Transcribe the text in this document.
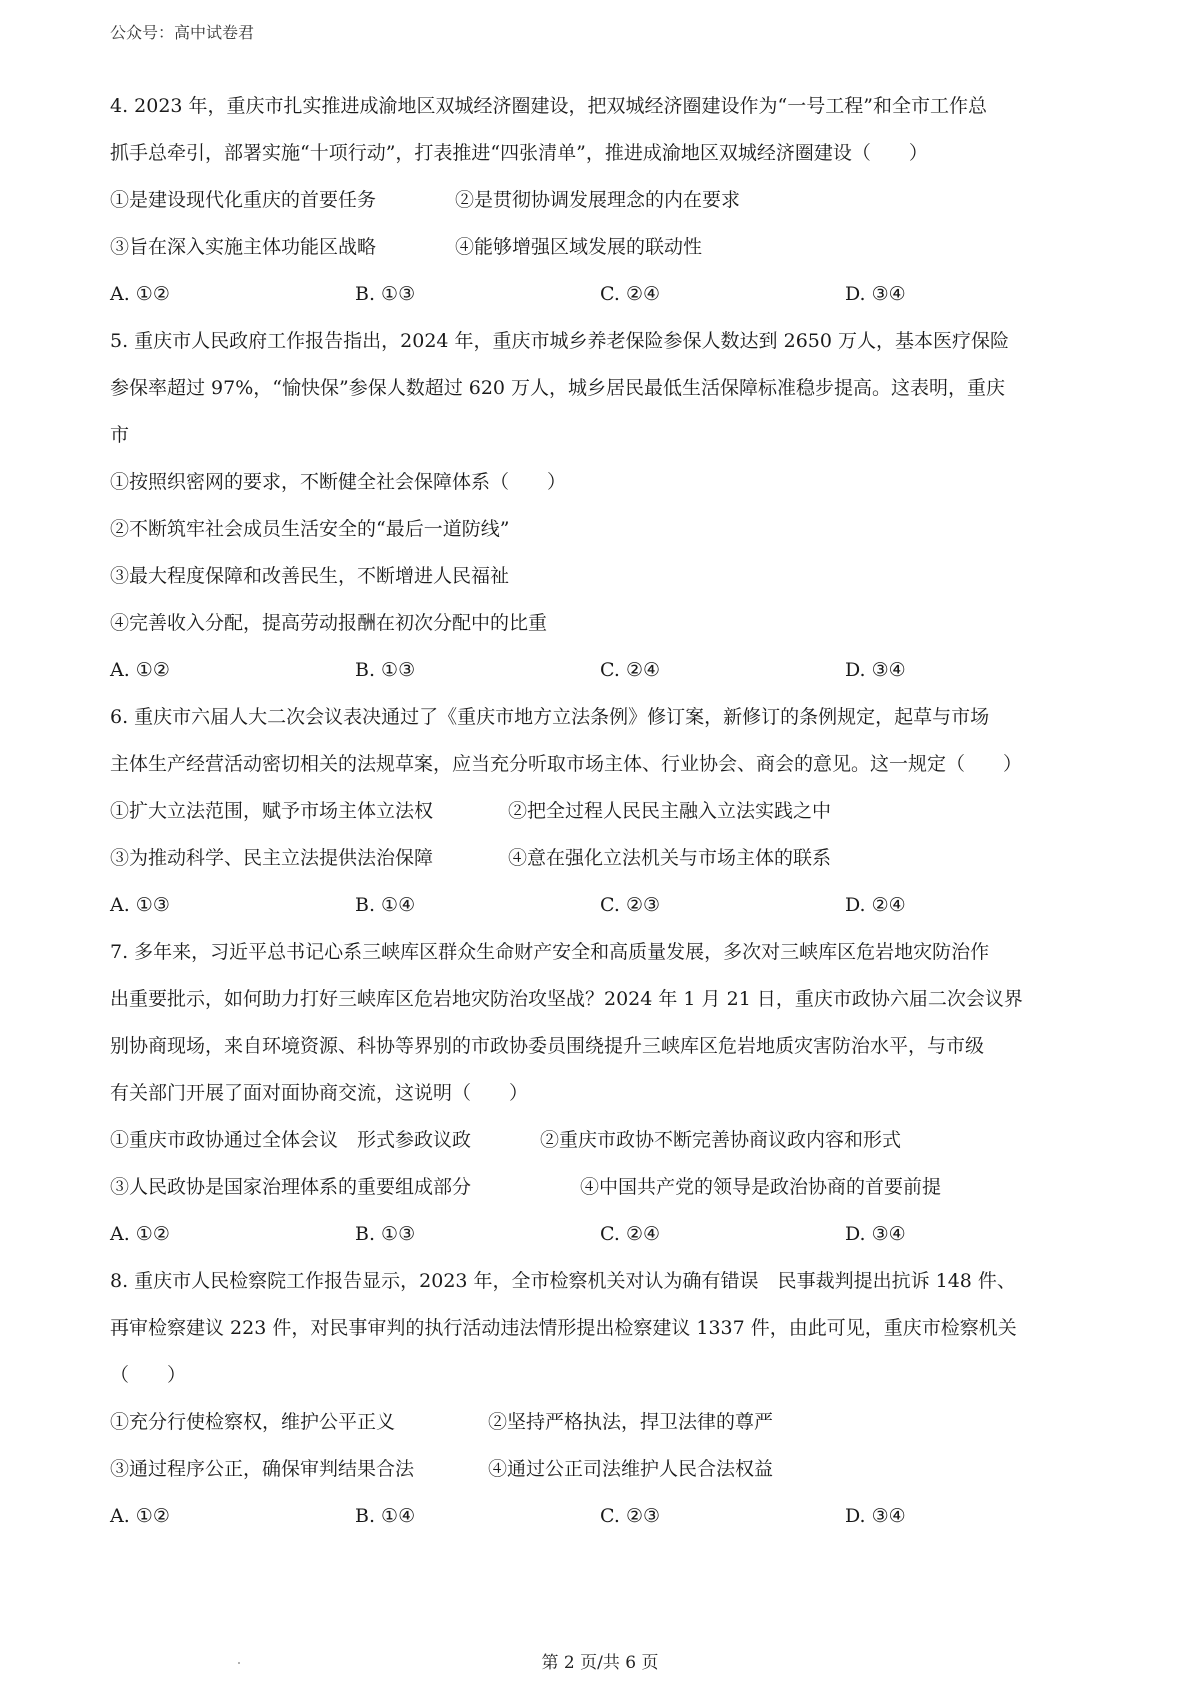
公众号：高中试卷君
4. 2023 年，重庆市扎实推进成渝地区双城经济圈建设，把双城经济圈建设作为“一号工程”和全市工作总
抓手总牵引，部署实施“十项行动”，打表推进“四张清单”，推进成渝地区双城经济圈建设（　　）
①是建设现代化重庆的首要任务	②是贯彻协调发展理念的内在要求
③旨在深入实施主体功能区战略	④能够增强区域发展的联动性
A. ①②	B. ①③	C. ②④	D. ③④
5. 重庆市人民政府工作报告指出，2024 年，重庆市城乡养老保险参保人数达到 2650 万人，基本医疗保险
参保率超过 97%，“愉快保”参保人数超过 620 万人，城乡居民最低生活保障标准稳步提高。这表明，重庆
市
①按照织密网的要求，不断健全社会保障体系（　　）
②不断筑牢社会成员生活安全的“最后一道防线”
③最大程度保障和改善民生，不断增进人民福祉
④完善收入分配，提高劳动报酬在初次分配中的比重
A. ①②	B. ①③	C. ②④	D. ③④
6. 重庆市六届人大二次会议表决通过了《重庆市地方立法条例》修订案，新修订的条例规定，起草与市场
主体生产经营活动密切相关的法规草案，应当充分听取市场主体、行业协会、商会的意见。这一规定（　　）
①扩大立法范围，赋予市场主体立法权	②把全过程人民民主融入立法实践之中
③为推动科学、民主立法提供法治保障	④意在强化立法机关与市场主体的联系
A. ①③	B. ①④	C. ②③	D. ②④
7. 多年来，习近平总书记心系三峡库区群众生命财产安全和高质量发展，多次对三峡库区危岩地灾防治作
出重要批示，如何助力打好三峡库区危岩地灾防治攻坚战？2024 年 1 月 21 日，重庆市政协六届二次会议界
别协商现场，来自环境资源、科协等界别的市政协委员围绕提升三峡库区危岩地质灾害防治水平，与市级
有关部门开展了面对面协商交流，这说明（　　）
①重庆市政协通过全体会议　形式参政议政	②重庆市政协不断完善协商议政内容和形式
③人民政协是国家治理体系的重要组成部分	④中国共产党的领导是政治协商的首要前提
A. ①②	B. ①③	C. ②④	D. ③④
8. 重庆市人民检察院工作报告显示，2023 年，全市检察机关对认为确有错误　民事裁判提出抗诉 148 件、
再审检察建议 223 件，对民事审判的执行活动违法情形提出检察建议 1337 件，由此可见，重庆市检察机关
（　　）
①充分行使检察权，维护公平正义	②坚持严格执法，捍卫法律的尊严
③通过程序公正，确保审判结果合法	④通过公正司法维护人民合法权益
A. ①②	B. ①④	C. ②③	D. ③④
第 2 页/共 6 页
